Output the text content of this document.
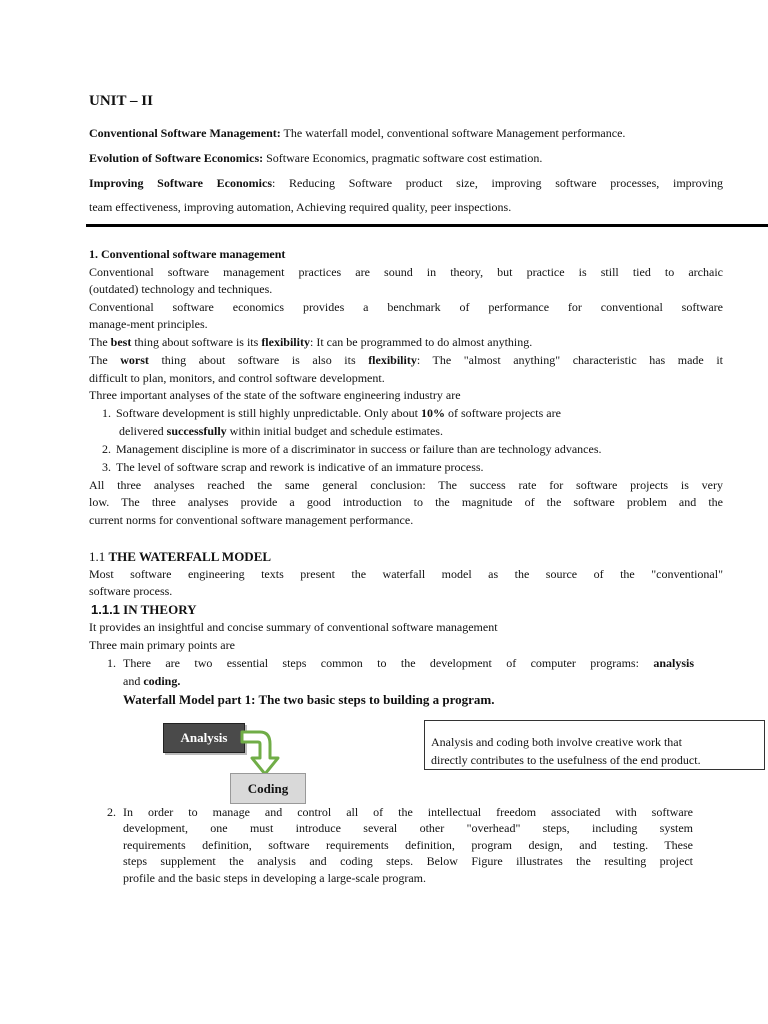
UNIT – II
Conventional Software Management: The waterfall model, conventional software Management performance.
Evolution of Software Economics: Software Economics, pragmatic software cost estimation.
Improving Software Economics: Reducing Software product size, improving software processes, improving
team effectiveness, improving automation, Achieving required quality, peer inspections.
1. Conventional software management
Conventional software management practices are sound in theory, but practice is still tied to archaic
(outdated) technology and techniques.
Conventional software economics provides a benchmark of performance for conventional software
manage-ment principles.
The best thing about software is its flexibility: It can be programmed to do almost anything.
The worst thing about software is also its flexibility: The "almost anything" characteristic has made it
difficult to plan, monitors, and control software development.
Three important analyses of the state of the software engineering industry are
1. Software development is still highly unpredictable. Only about 10% of software projects are
delivered successfully within initial budget and schedule estimates.
2. Management discipline is more of a discriminator in success or failure than are technology advances.
3. The level of software scrap and rework is indicative of an immature process.
All three analyses reached the same general conclusion: The success rate for software projects is very
low. The three analyses provide a good introduction to the magnitude of the software problem and the
current norms for conventional software management performance.
1.1 THE WATERFALL MODEL
Most software engineering texts present the waterfall model as the source of the "conventional"
software process.
1.1.1 IN THEORY
It provides an insightful and concise summary of conventional software management
Three main primary points are
1. There are two essential steps common to the development of computer programs: analysis
and coding.
Waterfall Model part 1: The two basic steps to building a program.
Analysis
Coding
Analysis and coding both involve creative work that
directly contributes to the usefulness of the end product.
2. In order to manage and control all of the intellectual freedom associated with software
development, one must introduce several other "overhead" steps, including system
requirements definition, software requirements definition, program design, and testing. These
steps supplement the analysis and coding steps. Below Figure illustrates the resulting project
profile and the basic steps in developing a large-scale program.
